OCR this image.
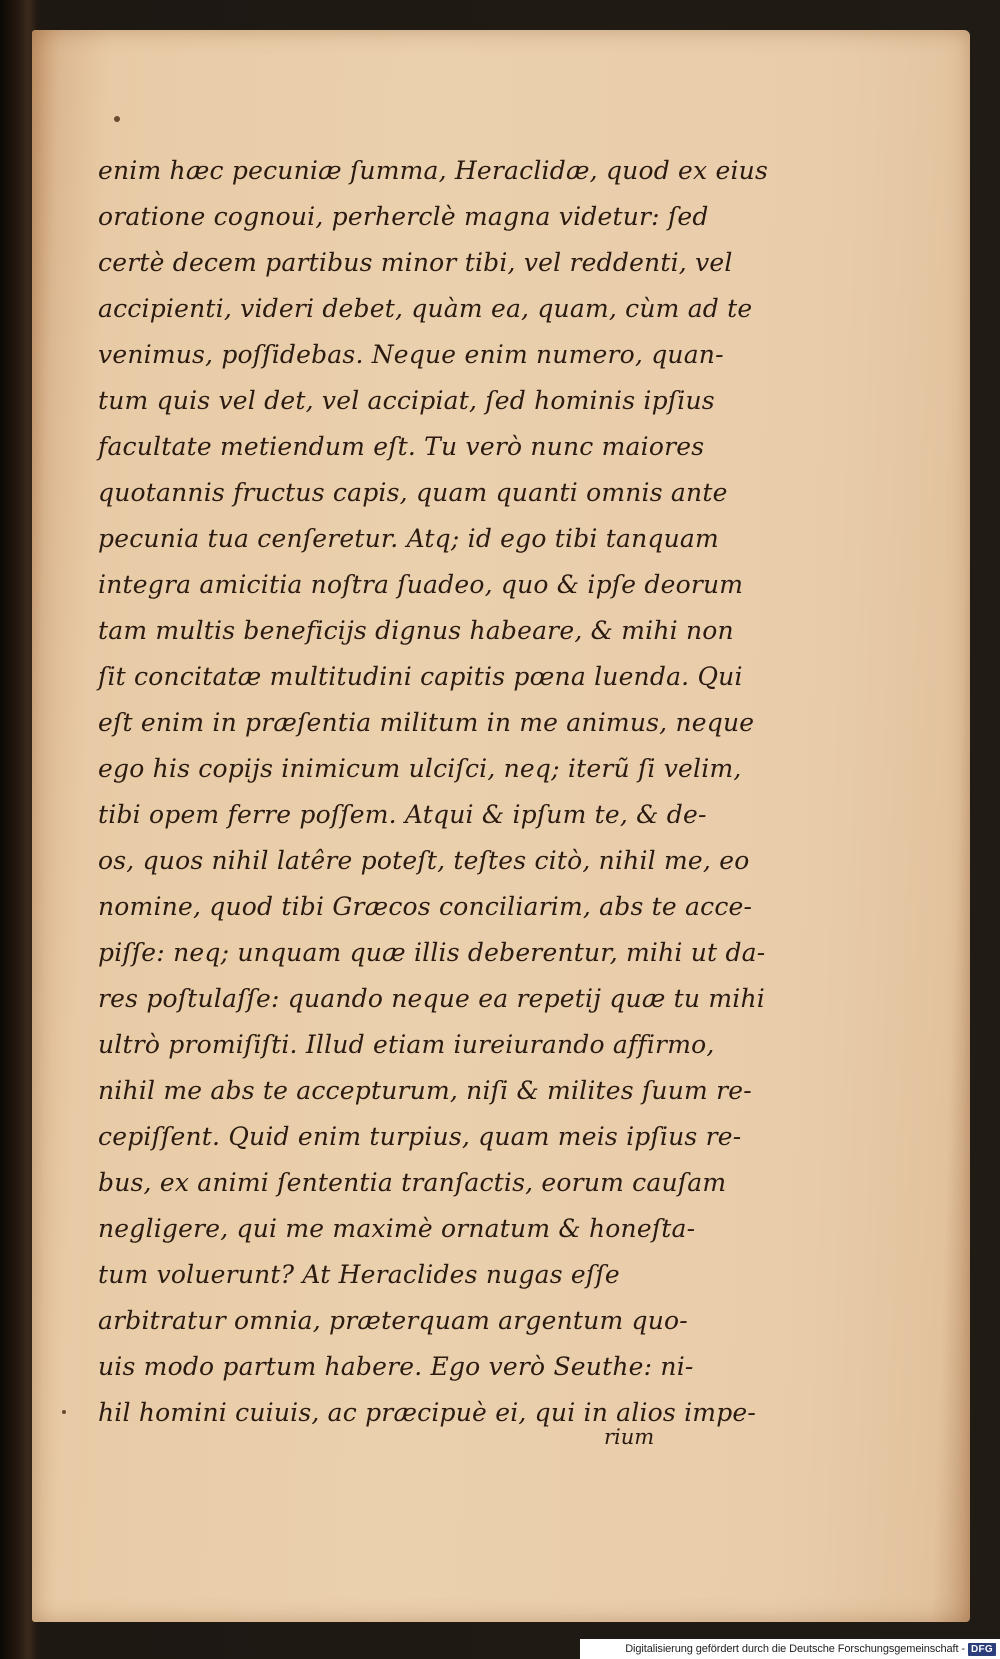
enim hæc pecuniæ ſumma, Heraclidæ, quod ex eius
oratione cognoui, perherclè magna videtur: ſed
certè decem partibus minor tibi, vel reddenti, vel
accipienti, videri debet, quàm ea, quam, cùm ad te
venimus, poſſidebas. Neque enim numero, quan-
tum quis vel det, vel accipiat, ſed hominis ipſius
facultate metiendum eſt. Tu verò nunc maiores
quotannis fructus capis, quam quanti omnis ante
pecunia tua cenſeretur. Atq; id ego tibi tanquam
integra amicitia noſtra ſuadeo, quo & ipſe deorum
tam multis beneficijs dignus habeare, & mihi non
ſit concitatæ multitudini capitis pœna luenda. Qui
eſt enim in præſentia militum in me animus, neque
ego his copijs inimicum ulciſci, neq; iterũ ſi velim,
tibi opem ferre poſſem. Atqui & ipſum te, & de-
os, quos nihil latêre poteſt, teſtes citò, nihil me, eo
nomine, quod tibi Græcos conciliarim, abs te acce-
piſſe: neq; unquam quæ illis deberentur, mihi ut da-
res poſtulaſſe: quando neque ea repetij quæ tu mihi
ultrò promiſiſti. Illud etiam iureiurando affirmo,
nihil me abs te accepturum, niſi & milites ſuum re-
cepiſſent. Quid enim turpius, quam meis ipſius re-
bus, ex animi ſententia tranſactis, eorum cauſam
negligere, qui me maximè ornatum & honeſta-
tum voluerunt? At Heraclides nugas eſſe
arbitratur omnia, præterquam argentum quo-
uis modo partum habere. Ego verò Seuthe: ni-
hil homini cuiuis, ac præcipuè ei, qui in alios impe-
rium
Digitalisierung gefördert durch die Deutsche Forschungsgemeinschaft - DFG
